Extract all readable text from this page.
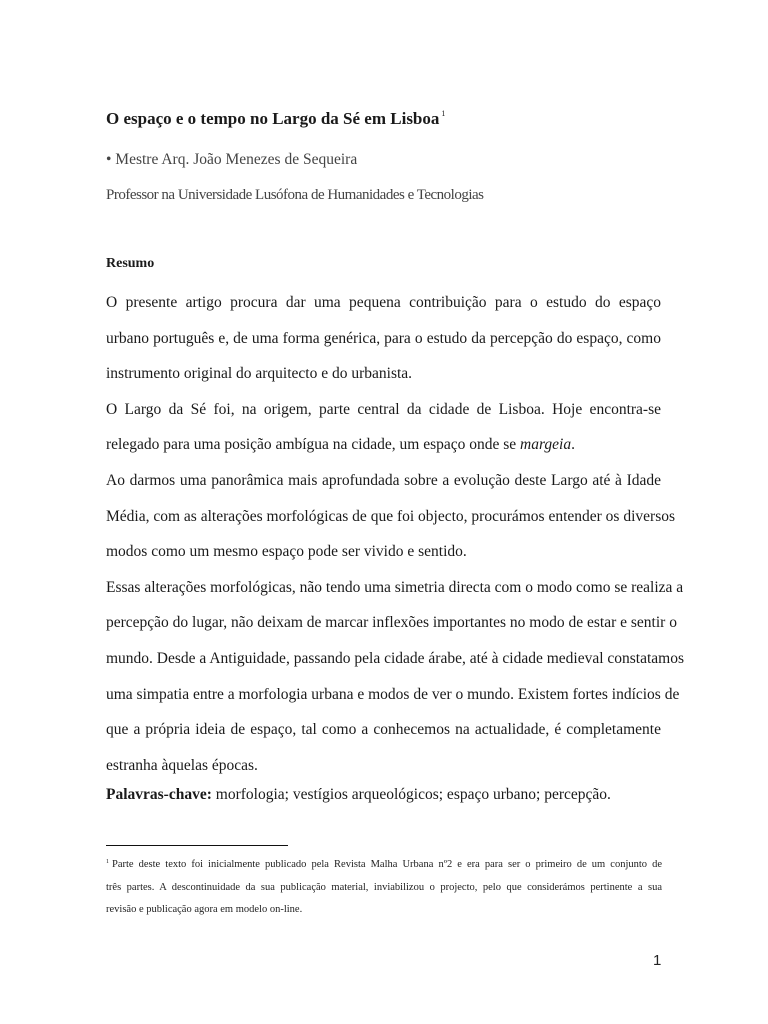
O espaço e o tempo no Largo da Sé em Lisboa $^1$
• Mestre Arq. João Menezes de Sequeira
Professor na Universidade Lusófona de Humanidades e Tecnologias
Resumo
O presente artigo procura dar uma pequena contribuição para o estudo do espaço
urbano português e, de uma forma genérica, para o estudo da percepção do espaço, como
instrumento original do arquitecto e do urbanista.
O Largo da Sé foi, na origem, parte central da cidade de Lisboa. Hoje encontra-se
relegado para uma posição ambígua na cidade, um espaço onde se margeia.
Ao darmos uma panorâmica mais aprofundada sobre a evolução deste Largo até à Idade
Média, com as alterações morfológicas de que foi objecto, procurámos entender os diversos
modos como um mesmo espaço pode ser vivido e sentido.
Essas alterações morfológicas, não tendo uma simetria directa com o modo como se realiza a
percepção do lugar, não deixam de marcar inflexões importantes no modo de estar e sentir o
mundo. Desde a Antiguidade, passando pela cidade árabe, até à cidade medieval constatamos
uma simpatia entre a morfologia urbana e modos de ver o mundo. Existem fortes indícios de
que a própria ideia de espaço, tal como a conhecemos na actualidade, é completamente
estranha àquelas épocas.
Palavras-chave: morfologia; vestígios arqueológicos; espaço urbano; percepção.
$^1$ Parte deste texto foi inicialmente publicado pela Revista Malha Urbana nº2 e era para ser o primeiro de um conjunto de
três partes. A descontinuidade da sua publicação material, inviabilizou o projecto, pelo que considerámos pertinente a sua
revisão e publicação agora em modelo on-line.
1
